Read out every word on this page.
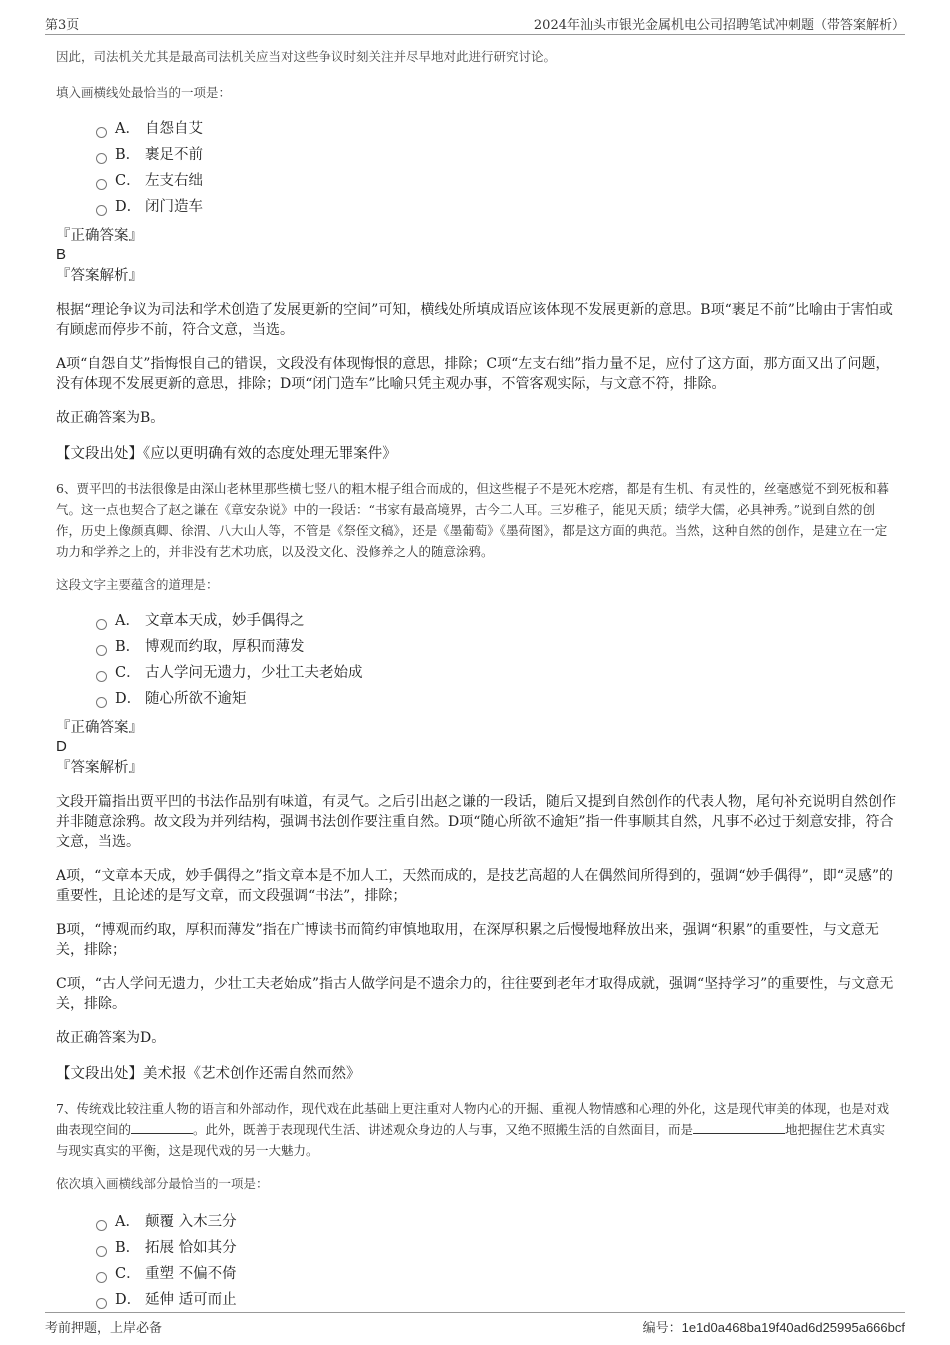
第3页	2024年汕头市银光金属机电公司招聘笔试冲刺题（带答案解析）

因此，司法机关尤其是最高司法机关应当对这些争议时刻关注并尽早地对此进行研究讨论。

填入画横线处最恰当的一项是：

A． 自怨自艾
B． 裹足不前
C． 左支右绌
D． 闭门造车

『正确答案』

B

『答案解析』

根据“理论争议为司法和学术创造了发展更新的空间”可知，横线处所填成语应该体现不发展更新的意思。B项“裹足不前”比喻由于害怕或有顾虑而停步不前，符合文意，当选。

A项“自怨自艾”指悔恨自己的错误，文段没有体现悔恨的意思，排除；C项“左支右绌”指力量不足，应付了这方面，那方面又出了问题，没有体现不发展更新的意思，排除；D项“闭门造车”比喻只凭主观办事，不管客观实际，与文意不符，排除。

故正确答案为B。

【文段出处】《应以更明确有效的态度处理无罪案件》

6、贾平凹的书法很像是由深山老林里那些横七竖八的粗木棍子组合而成的，但这些棍子不是死木疙瘩，都是有生机、有灵性的，丝毫感觉不到死板和暮气。这一点也契合了赵之谦在《章安杂说》中的一段话：“书家有最高境界，古今二人耳。三岁稚子，能见天质；绩学大儒，必具神秀。”说到自然的创作，历史上像颜真卿、徐渭、八大山人等，不管是《祭侄文稿》，还是《墨葡萄》《墨荷图》，都是这方面的典范。当然，这种自然的创作，是建立在一定功力和学养之上的，并非没有艺术功底，以及没文化、没修养之人的随意涂鸦。

这段文字主要蕴含的道理是：

A． 文章本天成，妙手偶得之
B． 博观而约取，厚积而薄发
C． 古人学问无遗力，少壮工夫老始成
D． 随心所欲不逾矩

『正确答案』

D

『答案解析』

文段开篇指出贾平凹的书法作品别有味道，有灵气。之后引出赵之谦的一段话，随后又提到自然创作的代表人物，尾句补充说明自然创作并非随意涂鸦。故文段为并列结构，强调书法创作要注重自然。D项“随心所欲不逾矩”指一件事顺其自然，凡事不必过于刻意安排，符合文意，当选。

A项，“文章本天成，妙手偶得之”指文章本是不加人工，天然而成的，是技艺高超的人在偶然间所得到的，强调“妙手偶得”，即“灵感”的重要性，且论述的是写文章，而文段强调“书法”，排除；

B项，“博观而约取，厚积而薄发”指在广博读书而简约审慎地取用，在深厚积累之后慢慢地释放出来，强调“积累”的重要性，与文意无关，排除；

C项，“古人学问无遗力，少壮工夫老始成”指古人做学问是不遗余力的，往往要到老年才取得成就，强调“坚持学习”的重要性，与文意无关，排除。

故正确答案为D。

【文段出处】美术报《艺术创作还需自然而然》

7、传统戏比较注重人物的语言和外部动作，现代戏在此基础上更注重对人物内心的开掘、重视人物情感和心理的外化，这是现代审美的体现，也是对戏曲表现空间的	。此外，既善于表现现代生活、讲述观众身边的人与事，又绝不照搬生活的自然面目，而是	地把握住艺术真实与现实真实的平衡，这是现代戏的另一大魅力。

依次填入画横线部分最恰当的一项是：

A． 颠覆 入木三分
B． 拓展 恰如其分
C． 重塑 不偏不倚
D． 延伸 适可而止
考前押题，上岸必备	编号：1e1d0a468ba19f40ad6d25995a666bcf
